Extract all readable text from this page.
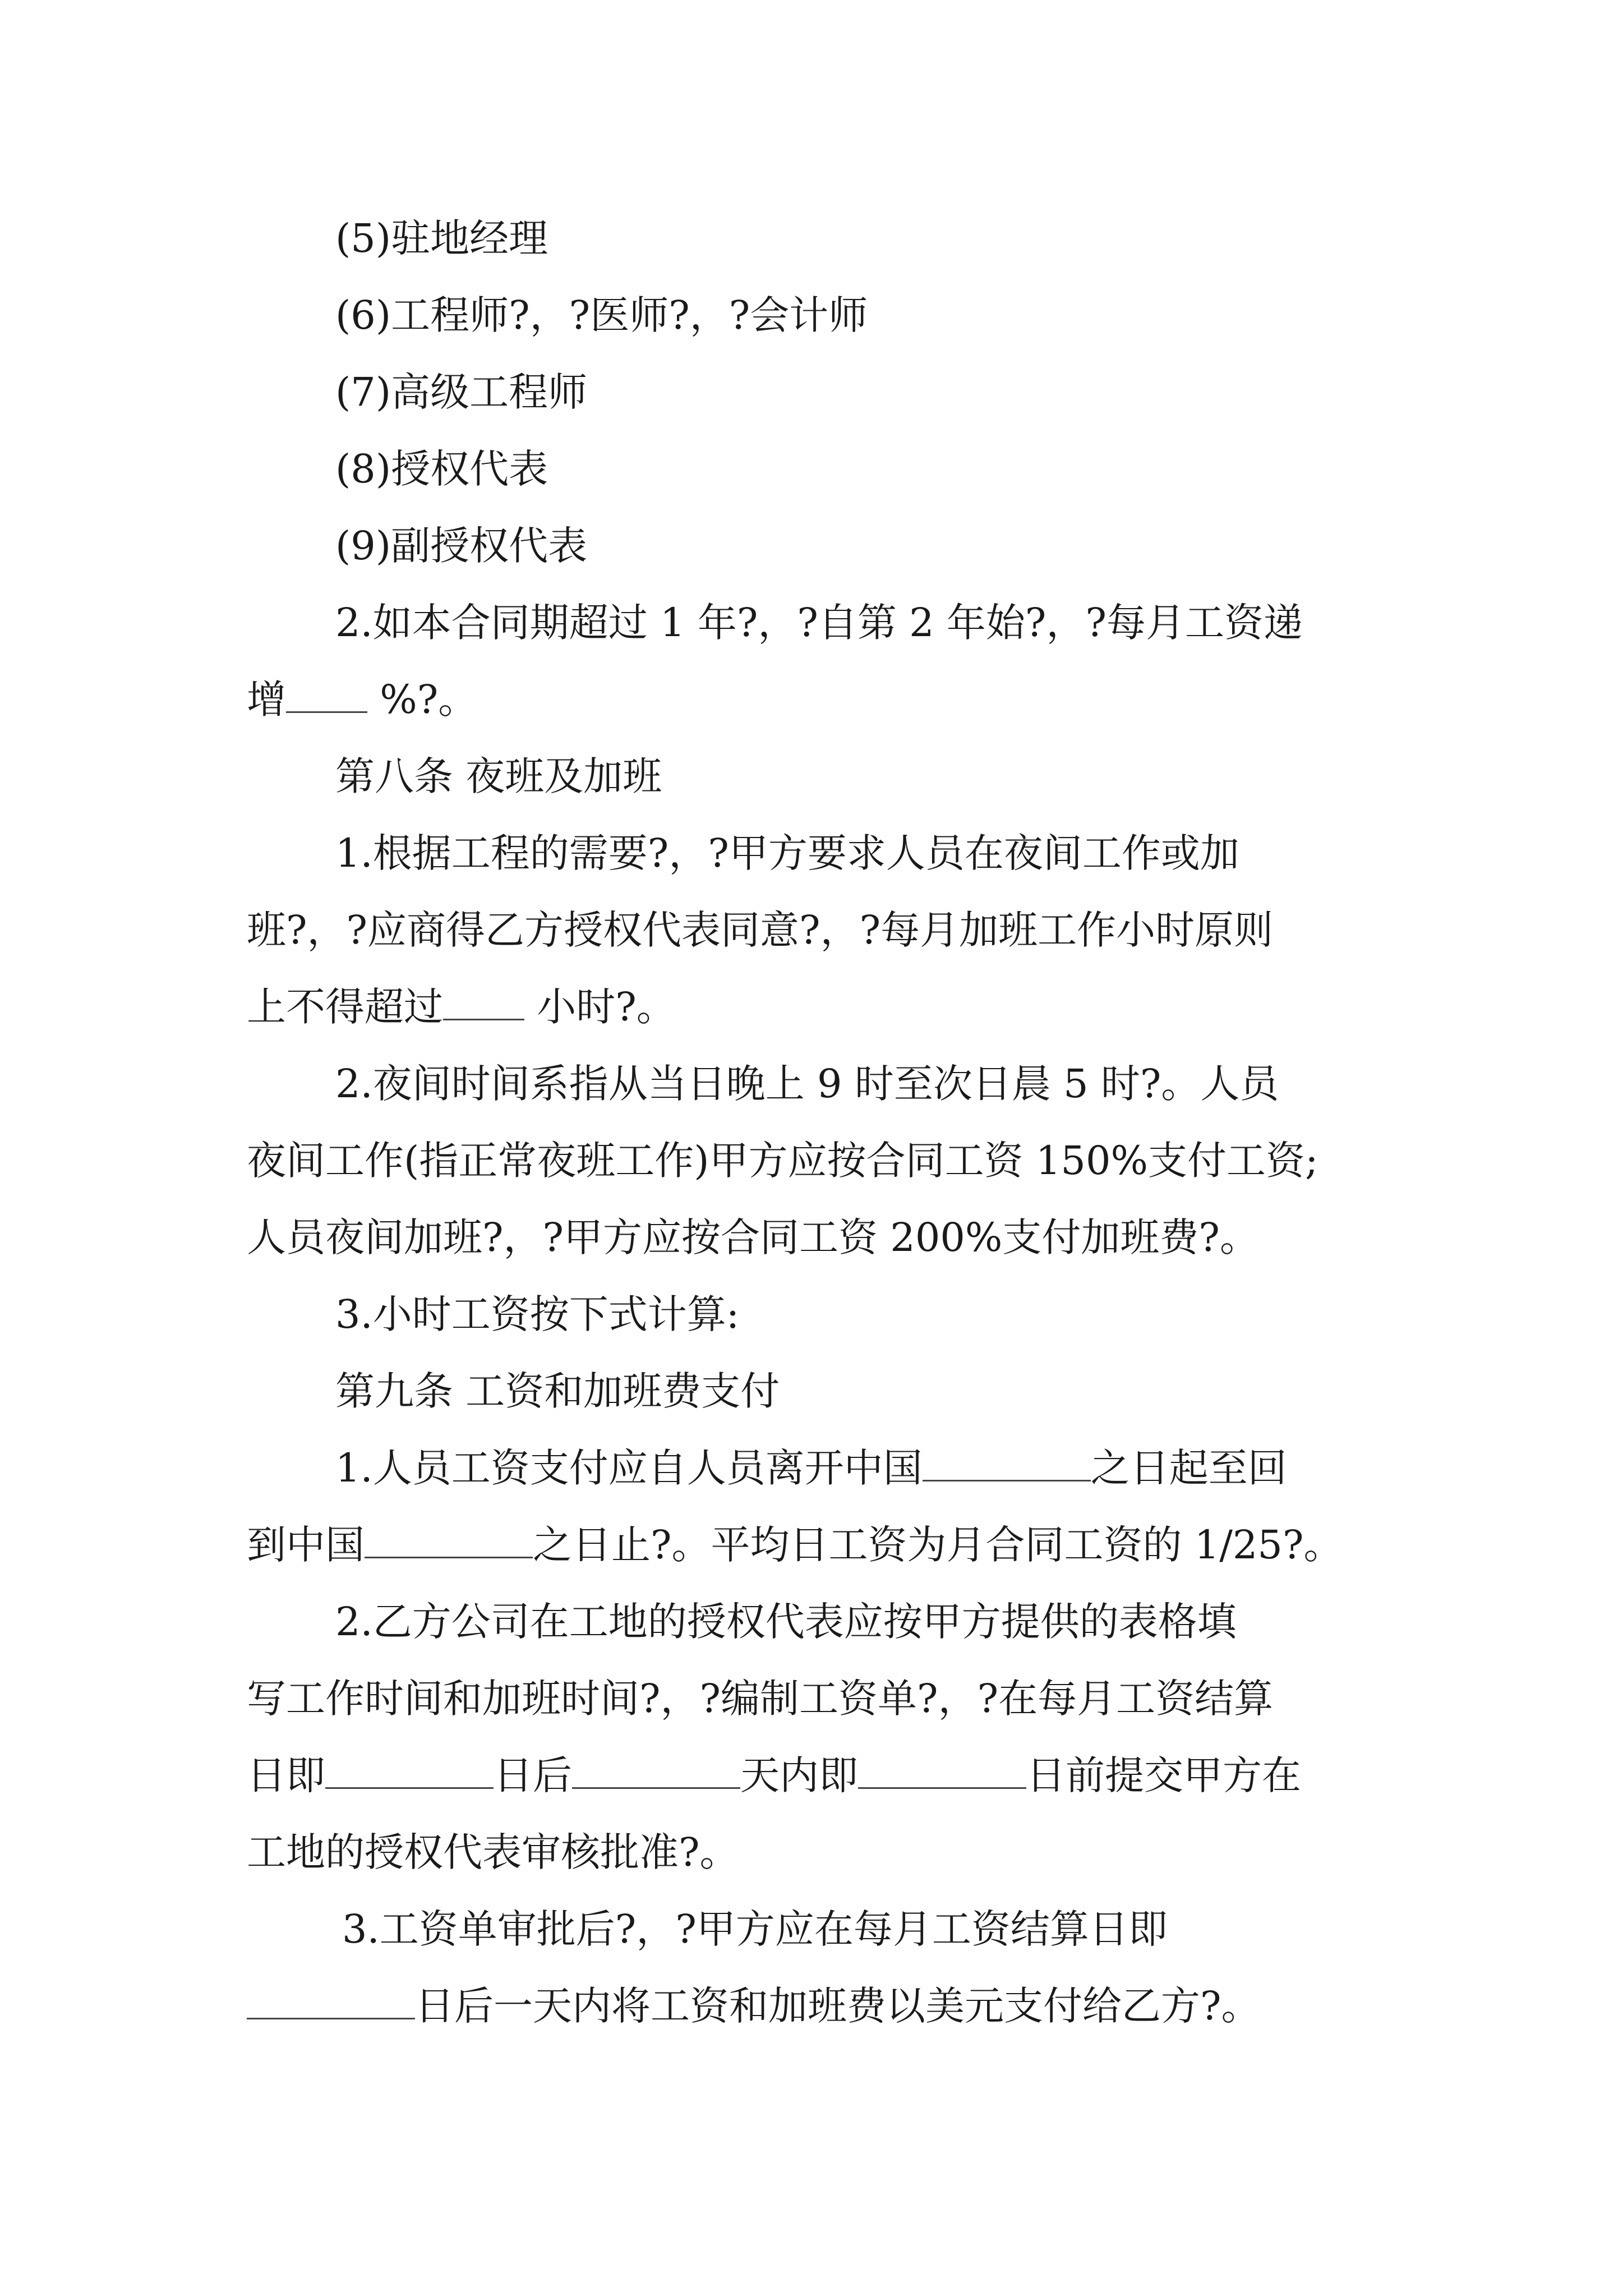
(5)驻地经理

(6)工程师?，?医师?，?会计师

(7)高级工程师

(8)授权代表

(9)副授权代表

2.如本合同期超过 1 年?，?自第 2 年始?，?每月工资递

增 %?。

第八条 夜班及加班

1.根据工程的需要?，?甲方要求人员在夜间工作或加

班?，?应商得乙方授权代表同意?，?每月加班工作小时原则

上不得超过 小时?。

2.夜间时间系指从当日晚上 9 时至次日晨 5 时?。人员

夜间工作(指正常夜班工作)甲方应按合同工资 150%支付工资;

人员夜间加班?，?甲方应按合同工资 200%支付加班费?。

3.小时工资按下式计算:

第九条 工资和加班费支付

1.人员工资支付应自人员离开中国	之日起至回

到中国	之日止?。平均日工资为月合同工资的 1/25?。

2.乙方公司在工地的授权代表应按甲方提供的表格填

写工作时间和加班时间?，?编制工资单?，?在每月工资结算

日即	日后	天内即	日前提交甲方在

工地的授权代表审核批准?。

3.工资单审批后?，?甲方应在每月工资结算日即

日后一天内将工资和加班费以美元支付给乙方?。
